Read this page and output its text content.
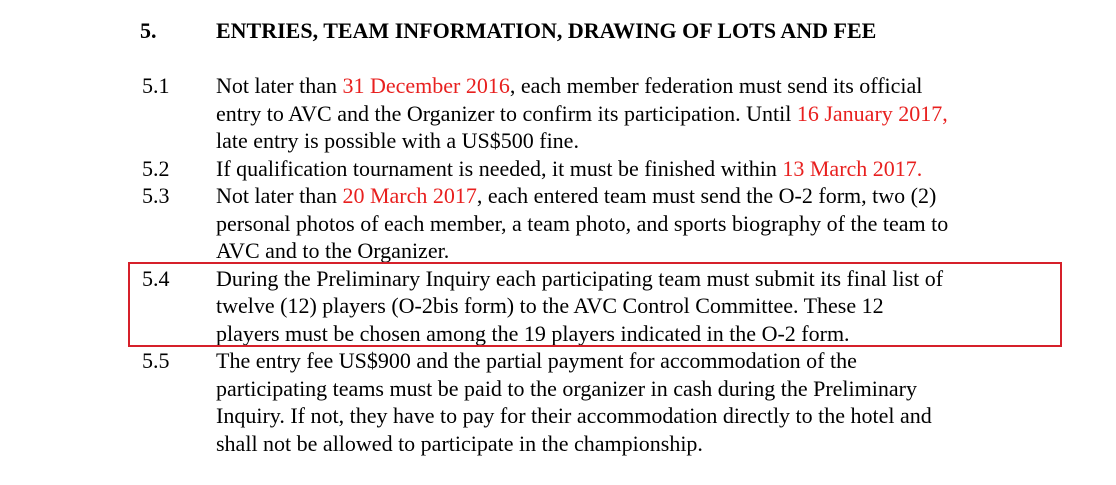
5.	ENTRIES, TEAM INFORMATION, DRAWING OF LOTS AND FEE
5.1 Not later than 31 December 2016, each member federation must send its official
entry to AVC and the Organizer to confirm its participation. Until 16 January 2017,
late entry is possible with a US$500 fine.
5.2 If qualification tournament is needed, it must be finished within 13 March 2017.
5.3 Not later than 20 March 2017, each entered team must send the O-2 form, two (2)
personal photos of each member, a team photo, and sports biography of the team to
AVC and to the Organizer.
5.4 During the Preliminary Inquiry each participating team must submit its final list of
twelve (12) players (O-2bis form) to the AVC Control Committee. These 12
players must be chosen among the 19 players indicated in the O-2 form.
5.5 The entry fee US$900 and the partial payment for accommodation of the
participating teams must be paid to the organizer in cash during the Preliminary
Inquiry. If not, they have to pay for their accommodation directly to the hotel and
shall not be allowed to participate in the championship.
